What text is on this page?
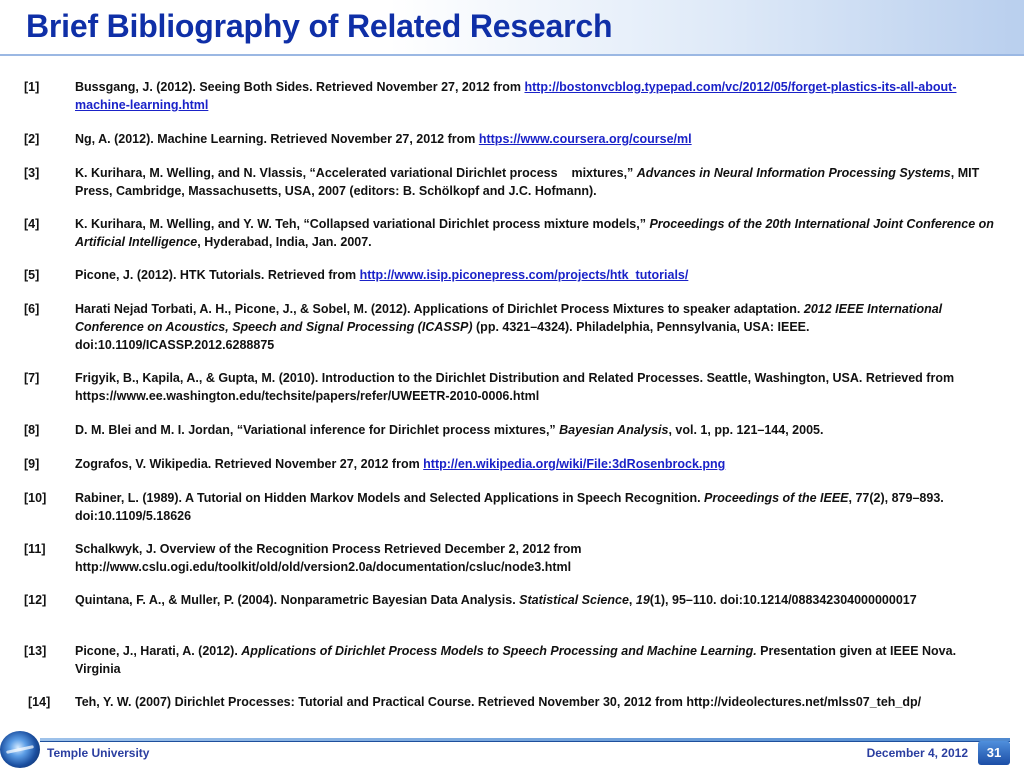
Brief Bibliography of Related Research
[1]	Bussgang, J. (2012). Seeing Both Sides. Retrieved November 27, 2012 from http://bostonvcblog.typepad.com/vc/2012/05/forget-plastics-its-all-about-machine-learning.html
[2]	Ng, A. (2012). Machine Learning. Retrieved November 27, 2012 from https://www.coursera.org/course/ml
[3]	K. Kurihara, M. Welling, and N. Vlassis, “Accelerated variational Dirichlet process    mixtures,” Advances in Neural Information Processing Systems, MIT Press, Cambridge, Massachusetts, USA, 2007 (editors: B. Schölkopf and J.C. Hofmann).
[4]	K. Kurihara, M. Welling, and Y. W. Teh, “Collapsed variational Dirichlet process mixture models,” Proceedings of the 20th International Joint Conference on Artificial Intelligence, Hyderabad, India, Jan. 2007.
[5]	Picone, J. (2012). HTK Tutorials. Retrieved from http://www.isip.piconepress.com/projects/htk_tutorials/
[6]	Harati Nejad Torbati, A. H., Picone, J., & Sobel, M. (2012). Applications of Dirichlet Process Mixtures to speaker adaptation. 2012 IEEE International Conference on Acoustics, Speech and Signal Processing (ICASSP) (pp. 4321–4324). Philadelphia, Pennsylvania, USA: IEEE. doi:10.1109/ICASSP.2012.6288875
[7]	Frigyik, B., Kapila, A., & Gupta, M. (2010). Introduction to the Dirichlet Distribution and Related Processes. Seattle, Washington, USA. Retrieved from https://www.ee.washington.edu/techsite/papers/refer/UWEETR-2010-0006.html
[8]	D. M. Blei and M. I. Jordan, “Variational inference for Dirichlet process mixtures,” Bayesian Analysis, vol. 1, pp. 121–144, 2005.
[9]	Zografos, V. Wikipedia. Retrieved November 27, 2012 from http://en.wikipedia.org/wiki/File:3dRosenbrock.png
[10] Rabiner, L. (1989). A Tutorial on Hidden Markov Models and Selected Applications in Speech Recognition. Proceedings of the IEEE, 77(2), 879–893. doi:10.1109/5.18626
[11] Schalkwyk, J. Overview of the Recognition Process Retrieved December 2, 2012 from http://www.cslu.ogi.edu/toolkit/old/old/version2.0a/documentation/csluc/node3.html
[12] Quintana, F. A., & Muller, P. (2004). Nonparametric Bayesian Data Analysis. Statistical Science, 19(1), 95–110. doi:10.1214/088342304000000017
[13] Picone, J., Harati, A. (2012). Applications of Dirichlet Process Models to Speech Processing and Machine Learning. Presentation given at IEEE Nova. Virginia
[14] Teh, Y. W. (2007) Dirichlet Processes: Tutorial and Practical Course. Retrieved November 30, 2012 from http://videolectures.net/mlss07_teh_dp/
Temple University	December 4, 2012	31
